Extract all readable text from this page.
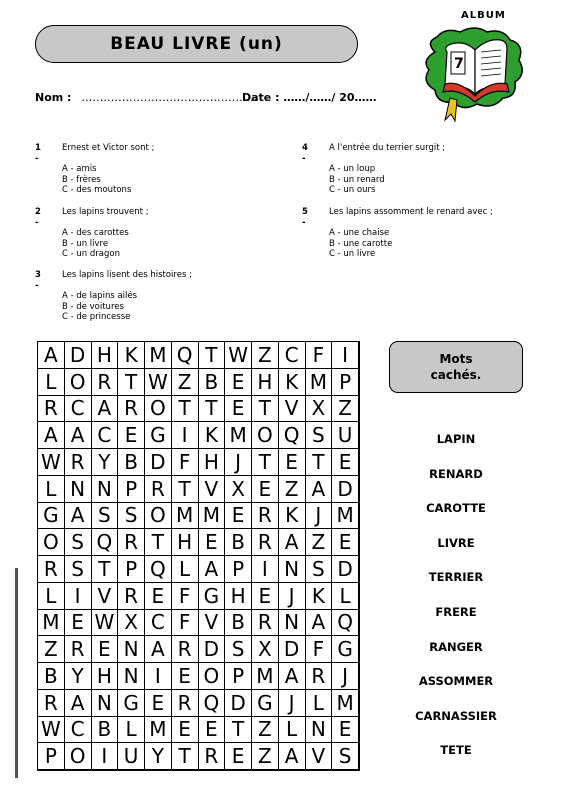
BEAU LIVRE (un)
ALBUM
7
Nom : …………………………………………
Date : ……/……/ 20……
1 -
Ernest et Victor sont ;
A - amis
B - frères
C - des moutons
2 -
Les lapins trouvent ;
A - des carottes
B - un livre
C - un dragon
3 -
Les lapins lisent des histoires ;
A - de lapins ailés
B - de voitures
C - de princesse
4 -
A l'entrée du terrier surgit ;
A - un loup
B - un renard
C - un ours
5 -
Les lapins assomment le renard avec ;
A - une chaise
B - une carotte
C - un livre
A D H K M Q T W Z C F I
L O R T W Z B E H K M P
R C A R O T T E T V X Z
A A C E G I K M O Q S U
W R Y B D F H J T E T E
L N N P R T V X E Z A D
G A S S O M M E R K J M
O S Q R T H E B R A Z E
R S T P Q L A P I N S D
L I V R E F G H E J K L
M E W X C F V B R N A Q
Z R E N A R D S X D F G
B Y H N I E O P M A R J
R A N G E R Q D G J L M
W C B L M E E T Z L N E
P O I U Y T R E Z A V S
Mots
cachés.
LAPIN
RENARD
CAROTTE
LIVRE
TERRIER
FRERE
RANGER
ASSOMMER
CARNASSIER
TETE
